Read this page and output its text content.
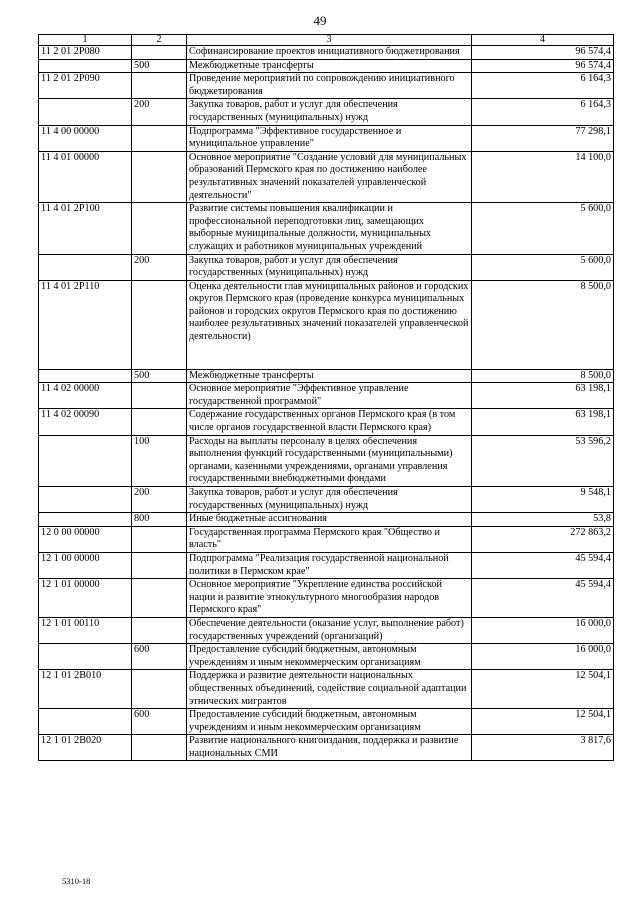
49
1	2	3	4
11 2 01 2P080		Софинансирование проектов инициативного бюджетирования	96 574,4
	500	Межбюджетные трансферты	96 574,4
11 2 01 2P090		Проведение мероприятий по сопровождению инициативного бюджетирования	6 164,3
	200	Закупка товаров, работ и услуг для обеспечения государственных (муниципальных) нужд	6 164,3
11 4 00 00000		Подпрограмма "Эффективное государственное и муниципальное управление"	77 298,1
11 4 01 00000		Основное мероприятие "Создание условий для муниципальных образований Пермского края по достижению наиболее результативных значений показателей управленческой деятельности"	14 100,0
11 4 01 2P100		Развитие системы повышения квалификации и профессиональной переподготовки лиц, замещающих выборные муниципальные должности, муниципальных служащих и работников муниципальных учреждений	5 600,0
	200	Закупка товаров, работ и услуг для обеспечения государственных (муниципальных) нужд	5 600,0
11 4 01 2P110		Оценка деятельности глав муниципальных районов и городских округов Пермского края (проведение конкурса муниципальных районов и городских округов Пермского края по достижению наиболее результативных значений показателей управленческой деятельности)	8 500,0
	500	Межбюджетные трансферты	8 500,0
11 4 02 00000		Основное мероприятие "Эффективное управление государственной программой"	63 198,1
11 4 02 00090		Содержание государственных органов Пермского края (в том числе органов государственной власти Пермского края)	63 198,1
	100	Расходы на выплаты персоналу в целях обеспечения выполнения функций государственными (муниципальными) органами, казенными учреждениями, органами управления государственными внебюджетными фондами	53 596,2
	200	Закупка товаров, работ и услуг для обеспечения государственных (муниципальных) нужд	9 548,1
	800	Иные бюджетные ассигнования	53,8
12 0 00 00000		Государственная программа Пермского края "Общество и власть"	272 863,2
12 1 00 00000		Подпрограмма "Реализация государственной национальной политики в Пермском крае"	45 594,4
12 1 01 00000		Основное мероприятие "Укрепление единства российской нации и развитие этнокультурного многообразия народов Пермского края"	45 594,4
12 1 01 00110		Обеспечение деятельности (оказание услуг, выполнение работ) государственных учреждений (организаций)	16 000,0
	600	Предоставление субсидий бюджетным, автономным учреждениям и иным некоммерческим организациям	16 000,0
12 1 01 2B010		Поддержка и развитие деятельности национальных общественных объединений, содействие социальной адаптации этнических мигрантов	12 504,1
	600	Предоставление субсидий бюджетным, автономным учреждениям и иным некоммерческим организациям	12 504,1
12 1 01 2B020		Развитие национального книгоиздания, поддержка и развитие национальных СМИ	3 817,6
5310-18
